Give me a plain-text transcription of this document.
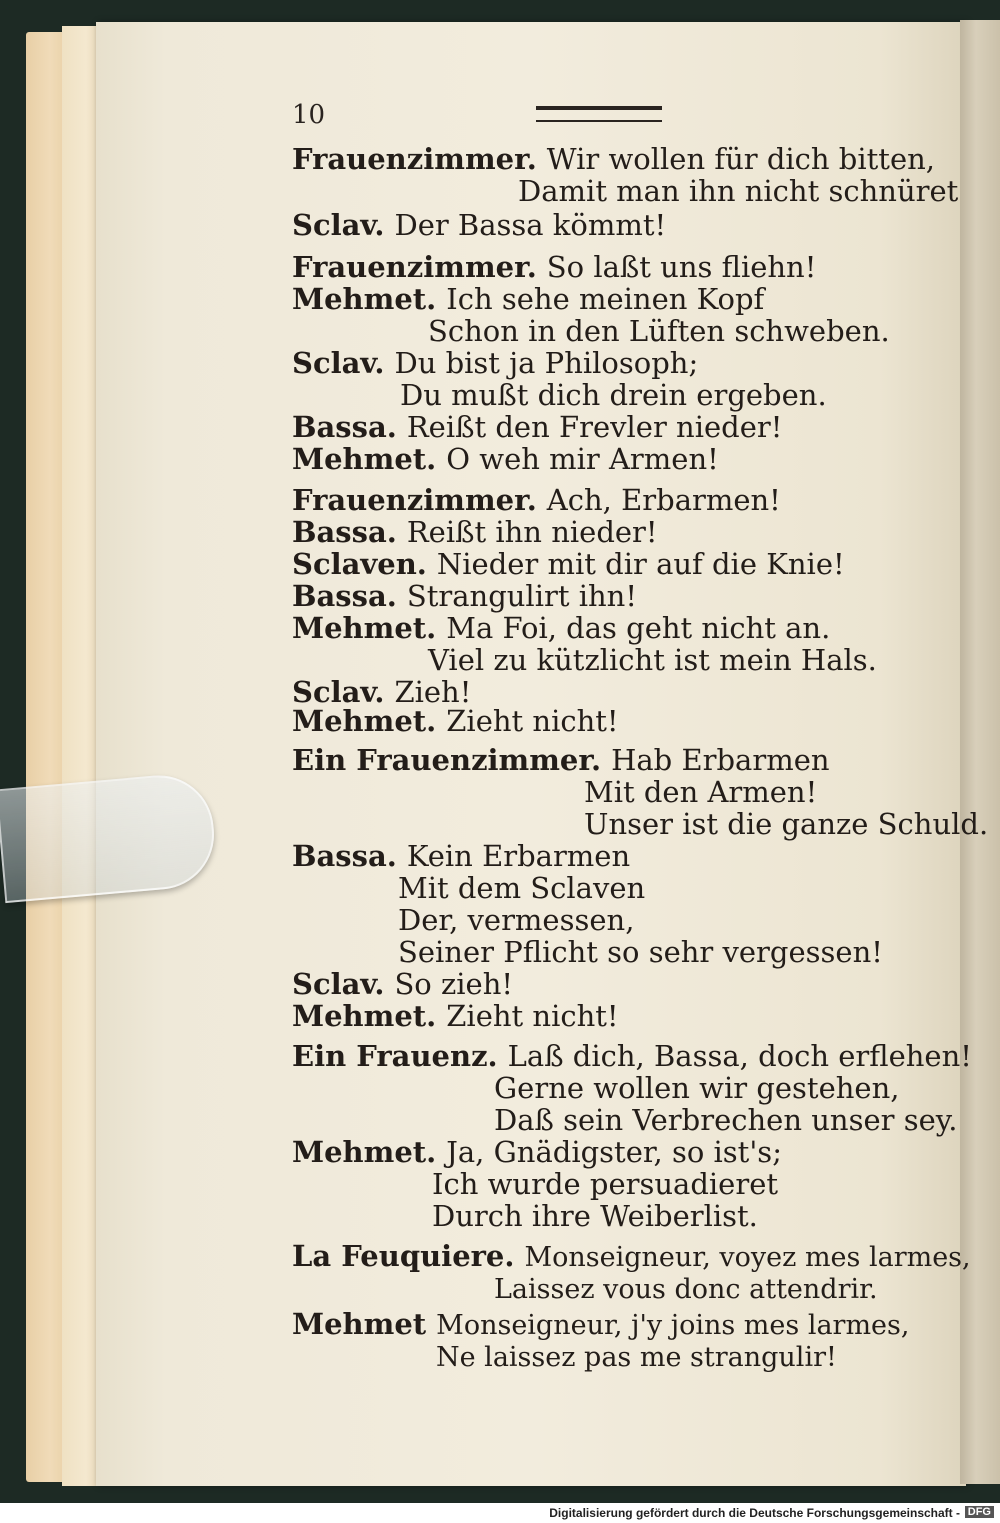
10
Frauenzimmer. Wir wollen für dich bitten,
Damit man ihn nicht schnüret
Sclav. Der Bassa kömmt!
Frauenzimmer. So laßt uns fliehn!
Mehmet. Ich sehe meinen Kopf
Schon in den Lüften schweben.
Sclav. Du bist ja Philosoph;
Du mußt dich drein ergeben.
Bassa. Reißt den Frevler nieder!
Mehmet. O weh mir Armen!
Frauenzimmer. Ach, Erbarmen!
Bassa. Reißt ihn nieder!
Sclaven. Nieder mit dir auf die Knie!
Bassa. Strangulirt ihn!
Mehmet. Ma Foi, das geht nicht an.
Viel zu kützlicht ist mein Hals.
Sclav. Zieh!
Mehmet. Zieht nicht!
Ein Frauenzimmer. Hab Erbarmen
Mit den Armen!
Unser ist die ganze Schuld.
Bassa. Kein Erbarmen
Mit dem Sclaven
Der, vermessen,
Seiner Pflicht so sehr vergessen!
Sclav. So zieh!
Mehmet. Zieht nicht!
Ein Frauenz. Laß dich, Bassa, doch erflehen!
Gerne wollen wir gestehen,
Daß sein Verbrechen unser sey.
Mehmet. Ja, Gnädigster, so ist's;
Ich wurde persuadieret
Durch ihre Weiberlist.
La Feuquiere. Monseigneur, voyez mes larmes,
Laissez vous donc attendrir.
Mehmet Monseigneur, j'y joins mes larmes,
Ne laissez pas me strangulir!
Digitalisierung gefördert durch die Deutsche Forschungsgemeinschaft - DFG
